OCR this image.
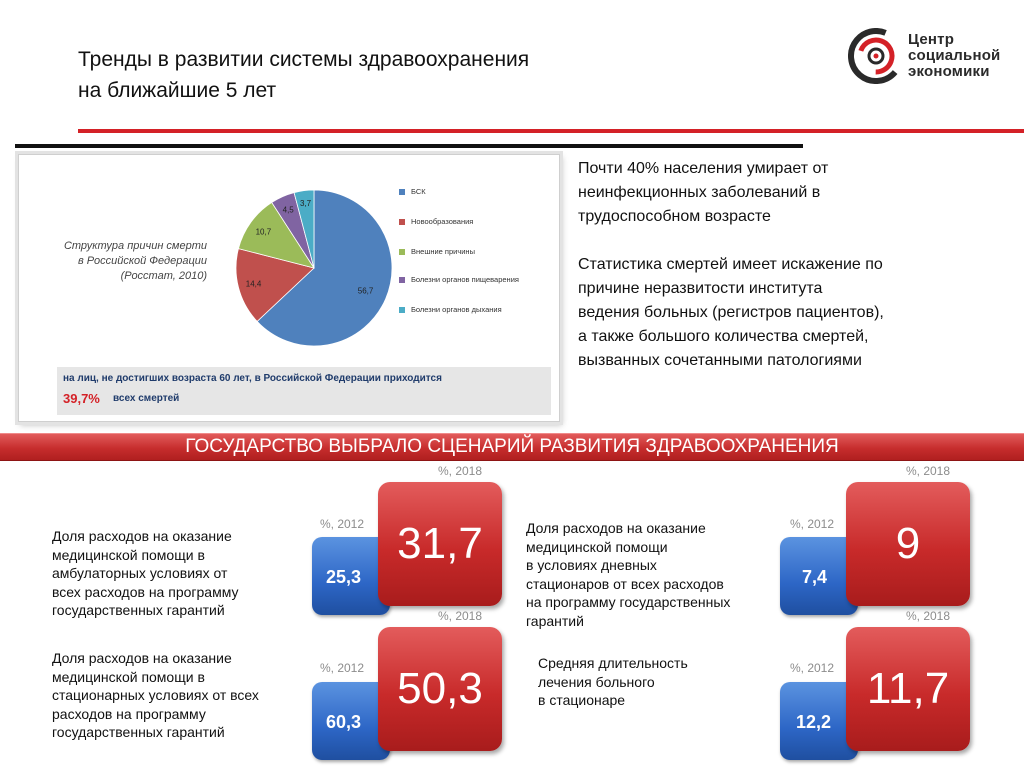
Тренды в развитии системы здравоохранения
на ближайшие 5 лет
Центр
социальной
экономики
Структура причин смерти
в Российской Федерации
(Росстат, 2010)
56,7
14,4
10,7
4,5
3,7
БСК
Новообразования
Внешние причины
Болезни органов пищеварения
Болезни органов дыхания
на лиц, не достигших возраста 60 лет, в Российской Федерации приходится
39,7% всех смертей
Почти 40% населения умирает от
неинфекционных заболеваний в
трудоспособном возрасте
Статистика смертей имеет искажение по
причине неразвитости института
ведения больных (регистров пациентов),
а также большого количества смертей,
вызванных сочетанными патологиями
ГОСУДАРСТВО ВЫБРАЛО СЦЕНАРИЙ РАЗВИТИЯ ЗДРАВООХРАНЕНИЯ
Доля расходов на оказание
медицинской помощи в
амбулаторных условиях от
всех расходов на программу
государственных гарантий
%, 2012
25,3
%, 2018
31,7	Доля расходов на оказание
медицинской помощи
в условиях дневных
стационаров от всех расходов
на программу государственных
гарантий
%, 2012
7,4
%, 2018
9
Доля расходов на оказание
медицинской помощи в
стационарных условиях от всех
расходов на программу
государственных гарантий
%, 2012
60,3
%, 2018
50,3
Средняя длительность
лечения больного
в стационаре
%, 2012
12,2
%, 2018
11,7
